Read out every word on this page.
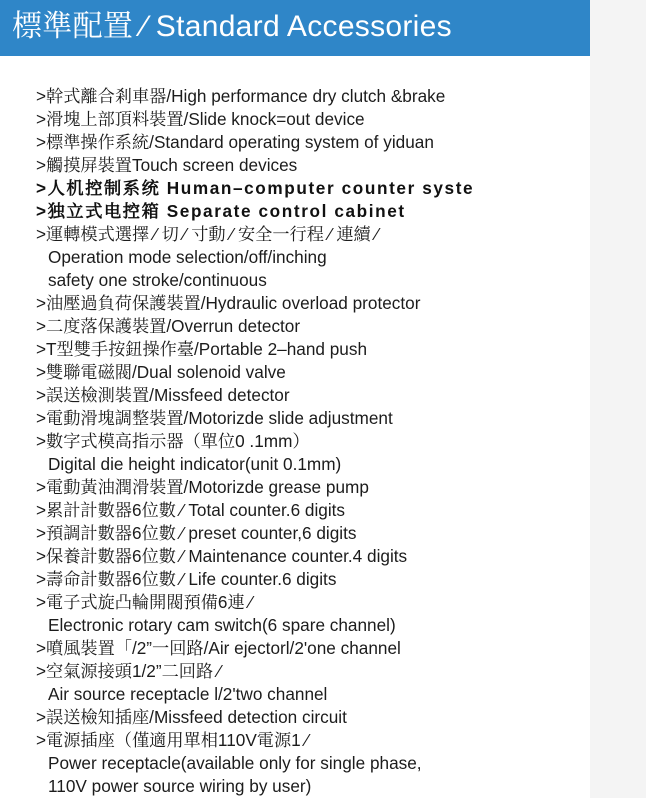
標準配置 ⁄ Standard Accessories
>幹式離合剎車器/High performance dry clutch &brake
>滑塊上部頂料裝置/Slide knock=out device
>標準操作系統/Standard operating system of yiduan
>觸摸屏裝置Touch screen devices
>人机控制系统 Human–computer counter syste
>独立式电控箱 Separate control cabinet
>運轉模式選擇 ⁄ 切 ⁄ 寸動 ⁄ 安全一行程 ⁄ 連續 ⁄
Operation mode selection/off/inching
safety one stroke/continuous
>油壓過負荷保護裝置/Hydraulic overload protector
>二度落保護裝置/Overrun detector
>T型雙手按鈕操作臺/Portable 2–hand push
>雙聯電磁閥/Dual solenoid valve
>誤送檢測裝置/Missfeed detector
>電動滑塊調整裝置/Motorizde slide adjustment
>數字式模高指示器（單位0 .1mm）
Digital die height indicator(unit 0.1mm)
>電動黃油潤滑裝置/Motorizde grease pump
>累計計數器6位數 ⁄ Total counter.6 digits
>預調計數器6位數 ⁄ preset counter,6 digits
>保養計數器6位數 ⁄ Maintenance counter.4 digits
>壽命計數器6位數 ⁄ Life counter.6 digits
>電子式旋凸輪開閥預備6連 ⁄
Electronic rotary cam switch(6 spare channel)
>噴風裝置「/2”一回路/Air ejectorl/2'one channel
>空氣源接頭1/2”二回路 ⁄
Air source receptacle l/2'two channel
>誤送檢知插座/Missfeed detection circuit
>電源插座（僅適用單相110V電源1 ⁄
Power receptacle(available only for single phase,
110V power source wiring by user)
